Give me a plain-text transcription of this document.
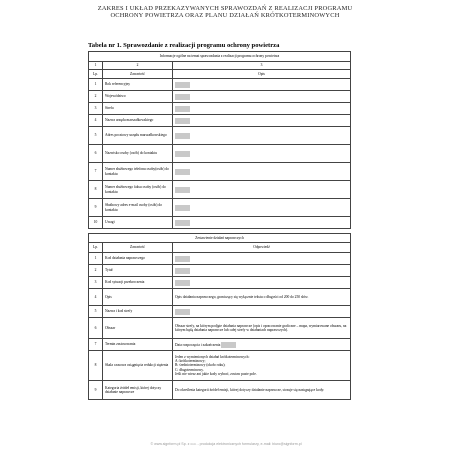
ZAKRES I UKŁAD PRZEKAZYWANYCH SPRAWOZDAŃ Z REALIZACJI PROGRAMU
OCHRONY POWIETRZA ORAZ PLANU DZIAŁAŃ KRÓTKOTERMINOWYCH
Tabela nr 1. Sprawozdanie z realizacji programu ochrony powietrza
Informacje ogólne na temat sprawozdania z realizacji programu ochrony powietrza		
1	2	3
Lp.	Zawartość	Opis
1	Rok referencyjny	
2	Województwo	
3	Strefa	
4	Nazwa urzędu marszałkowskiego	
5	Adres pocztowy urzędu marszałkowskiego	
6	Nazwisko osoby (osób) do kontaktu	
7	Numer służbowego telefonu osoby(osób) do kontaktu	
8	Numer służbowego faksu osoby (osób) do kontaktu	
9	Służbowy adres e-mail osoby (osób) do kontaktu	
10	Uwagi	
Zestawienie działań naprawczych		
Lp.	Zawartość	Odpowiedź
1	Kod działania naprawczego	
2	Tytuł	
3	Kod sytuacji przekroczenia	
4	Opis	Opis działania naprawczego, graniczący się wyłącznie tekstu o długości od 200 do 250 słów.
5	Nazwa i kod strefy	
6	Obszar	Obszar strefy, na którym podjęte działania naprawcze (opis i opracowanie graficzne – mapa, wymiarowane obszaru, na którym będą działania naprawcze lub całej strefy w działaniach naprawczych).
7	Termin zastosowania	Data rozpoczęcia i zakończenia
8	Skala czasowa osiągnięcia redukcji stężenia	Jeden z wymienionych działań krótkoterminowych:
A: krótkoterminowy;
B: średnioterminowy (około roku);
C: długoterminowy.
Jeśli nie wiesz ani jakie kody wybrać, zostaw puste pole.

9	Kategoria źródeł emisji, której dotyczy działanie naprawcze	Do określenia kategorii źródeł emisji, której dotyczy działanie naprawcze, stosuje się następujące kody:
© www.signform.pl Sp. z o.o. - produkcja elektronicznych formularzy, e-mail: biuro@signform.pl
